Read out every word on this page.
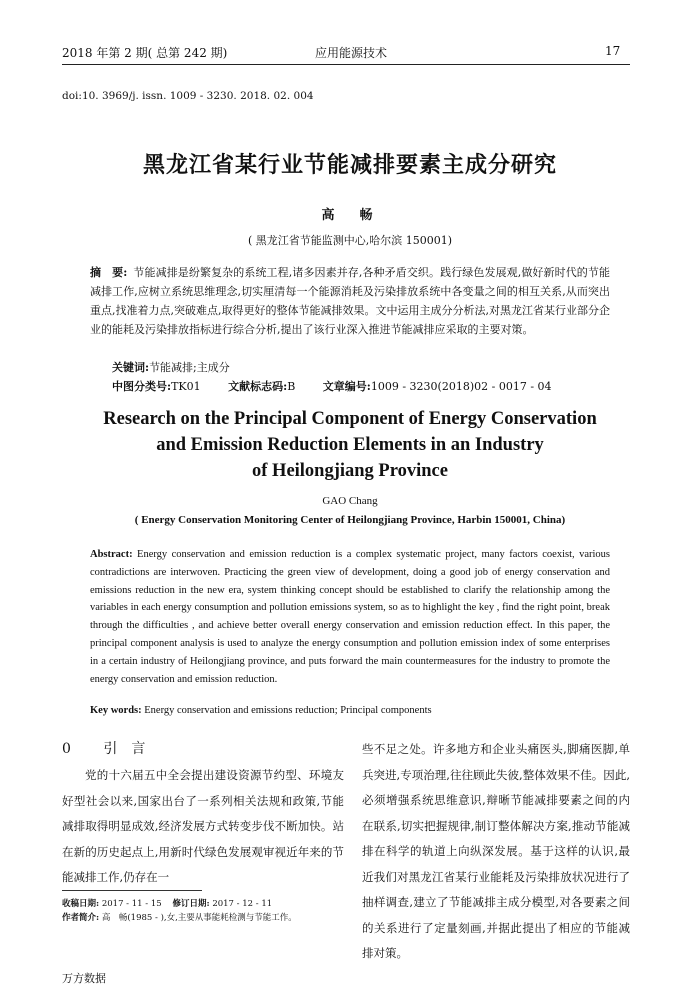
2018 年第 2 期( 总第 242 期)	应用能源技术	17
doi:10. 3969/j. issn. 1009 - 3230. 2018. 02. 004
黑龙江省某行业节能减排要素主成分研究
高　畅
( 黑龙江省节能监测中心,哈尔滨 150001)
摘　要: 节能减排是纷繁复杂的系统工程,诸多因素并存,各种矛盾交织。践行绿色发展观,做好新时代的节能减排工作,应树立系统思维理念,切实厘清每一个能源消耗及污染排放系统中各变量之间的相互关系,从而突出重点,找准着力点,突破难点,取得更好的整体节能减排效果。文中运用主成分分析法,对黑龙江省某行业部分企业的能耗及污染排放指标进行综合分析,提出了该行业深入推进节能减排应采取的主要对策。
关键词:节能减排;主成分
中图分类号:TK01	文献标志码:B	文章编号:1009 - 3230(2018)02 - 0017 - 04
Research on the Principal Component of Energy Conservation
and Emission Reduction Elements in an Industry
of Heilongjiang Province
GAO Chang
( Energy Conservation Monitoring Center of Heilongjiang Province, Harbin 150001, China)
Abstract: Energy conservation and emission reduction is a complex systematic project, many factors coexist, various contradictions are interwoven. Practicing the green view of development, doing a good job of energy conservation and emissions reduction in the new era, system thinking concept should be established to clarify the relationship among the variables in each energy consumption and pollution emissions system, so as to highlight the key , find the right point, break through the difficulties , and achieve better overall energy conservation and emission reduction effect. In this paper, the principal component analysis is used to analyze the energy consumption and pollution emission index of some enterprises in a certain industry of Heilongjiang province, and puts forward the main countermeasures for the industry to promote the energy conservation and emission reduction.
Key words: Energy conservation and emissions reduction; Principal components
0 引言
党的十六届五中全会提出建设资源节约型、环境友好型社会以来,国家出台了一系列相关法规和政策,节能减排取得明显成效,经济发展方式转变步伐不断加快。站在新的历史起点上,用新时代绿色发展观审视近年来的节能减排工作,仍存在一
些不足之处。许多地方和企业头痛医头,脚痛医脚,单兵突进,专项治理,往往顾此失彼,整体效果不佳。因此,必须增强系统思维意识,辩晰节能减排要素之间的内在联系,切实把握规律,制订整体解决方案,推动节能减排在科学的轨道上向纵深发展。基于这样的认识,最近我们对黑龙江省某行业能耗及污染排放状况进行了抽样调查,建立了节能减排主成分模型,对各要素之间的关系进行了定量刻画,并据此提出了相应的节能减排对策。
收稿日期: 2017 - 11 - 15 修订日期: 2017 - 12 - 11
作者简介: 高　畅(1985 - ),女,主要从事能耗检测与节能工作。
万方数据
